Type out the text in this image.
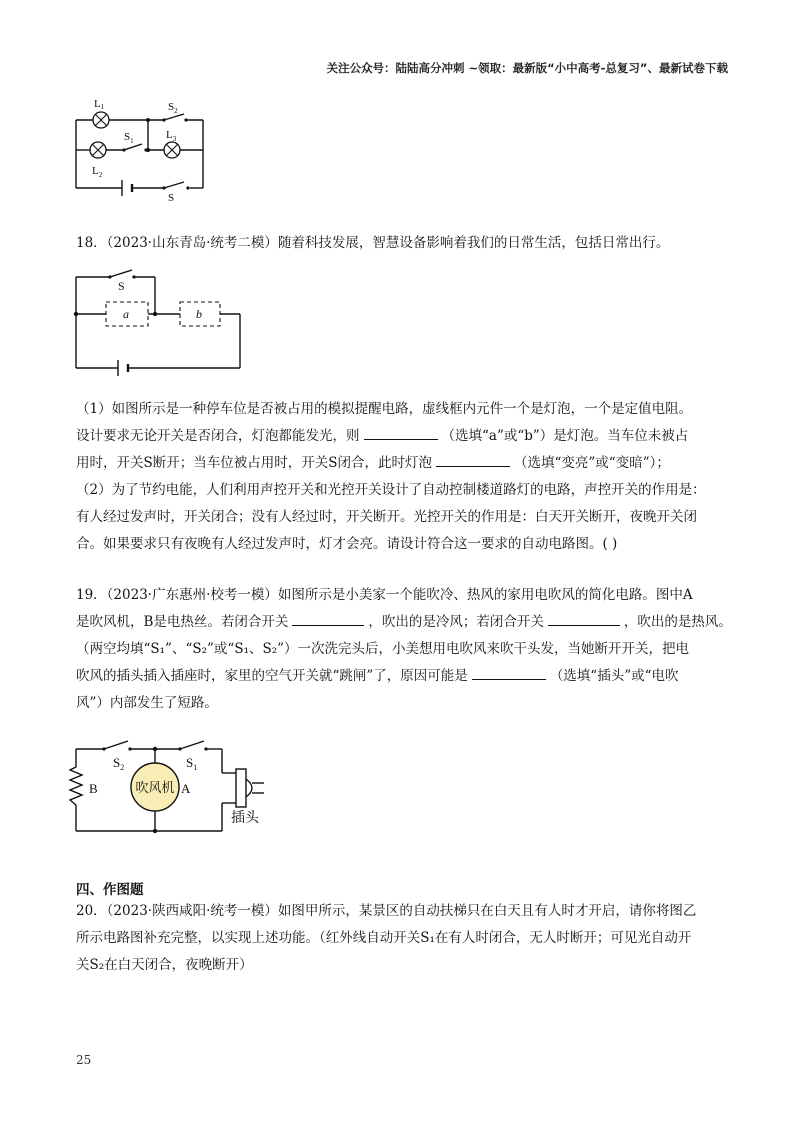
关注公众号：陆陆高分冲刺 ~领取：最新版“小中高考-总复习”、最新试卷下载
L1	$S_2$
$S_1$	$L_3$
$L_2$
S

18．（2023·山东青岛·统考二模）随着科技发展，智慧设备影响着我们的日常生活，包括日常出行。

S
a	b

（1）如图所示是一种停车位是否被占用的模拟提醒电路，虚线框内元件一个是灯泡，一个是定值电阻。
设计要求无论开关是否闭合，灯泡都能发光，则	（选填“a”或“b”）是灯泡。当车位未被占
用时，开关S断开；当车位被占用时，开关S闭合，此时灯泡	（选填“变亮”或“变暗”）；
（2）为了节约电能，人们利用声控开关和光控开关设计了自动控制楼道路灯的电路，声控开关的作用是：
有人经过发声时，开关闭合；没有人经过时，开关断开。光控开关的作用是：白天开关断开，夜晚开关闭
合。如果要求只有夜晚有人经过发声时，灯才会亮。请设计符合这一要求的自动电路图。( )

19．（2023·广东惠州·校考一模）如图所示是小美家一个能吹冷、热风的家用电吹风的简化电路。图中A
是吹风机，B是电热丝。若闭合开关	，吹出的是冷风；若闭合开关	，吹出的是热风。
（两空均填“S₁”、“S₂”或“S₁、S₂”）一次洗完头后，小美想用电吹风来吹干头发，当她断开开关，把电
吹风的插头插入插座时，家里的空气开关就“跳闸”了，原因可能是	（选填“插头”或“电吹
风”）内部发生了短路。

$S_2$	$S_1$
B	A
吹风机
插头
四、作图题

20．（2023·陕西咸阳·统考一模）如图甲所示，某景区的自动扶梯只在白天且有人时才开启，请你将图乙
所示电路图补充完整，以实现上述功能。（红外线自动开关S₁在有人时闭合，无人时断开；可见光自动开
关S₂在白天闭合，夜晚断开）

25
